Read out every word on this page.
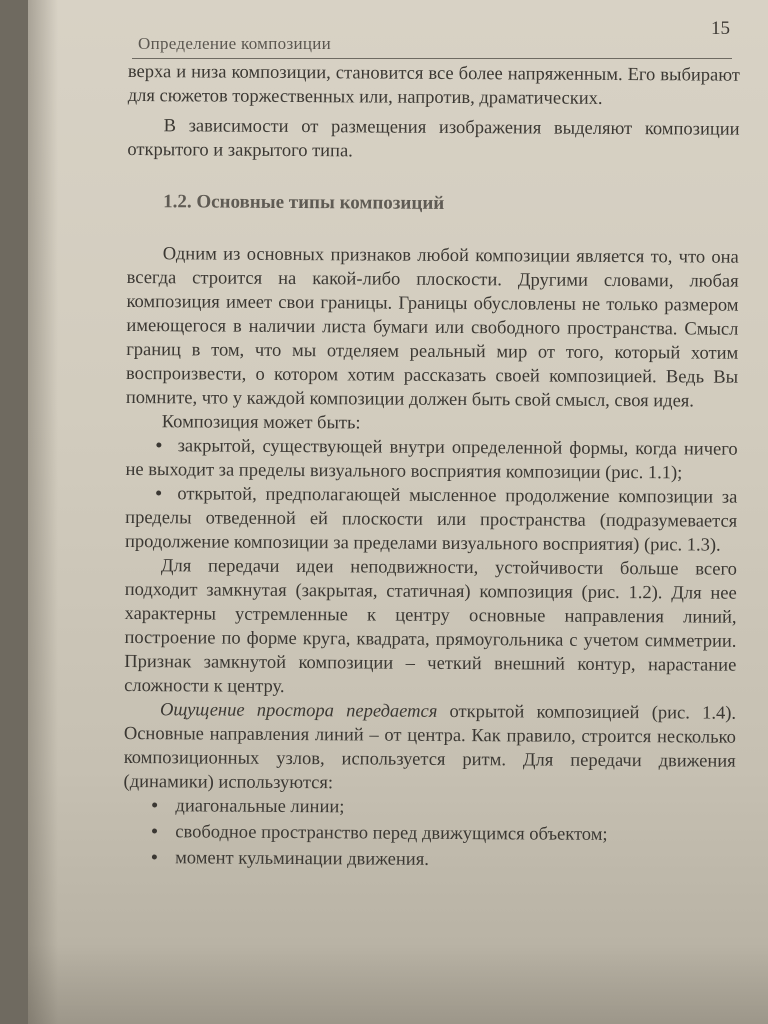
Определение композиции
15

верха и низа композиции, становится все более напряженным. Его выбирают для сюжетов торжественных или, напротив, драматических.

В зависимости от размещения изображения выделяют композиции открытого и закрытого типа.

1.2. Основные типы композиций

Одним из основных признаков любой композиции является то, что она всегда строится на какой-либо плоскости. Другими словами, любая композиция имеет свои границы. Границы обусловлены не только размером имеющегося в наличии листа бумаги или свободного пространства. Смысл границ в том, что мы отделяем реальный мир от того, который хотим воспроизвести, о котором хотим рассказать своей композицией. Ведь Вы помните, что у каждой композиции должен быть свой смысл, своя идея.

Композиция может быть:

• закрытой, существующей внутри определенной формы, когда ничего не выходит за пределы визуального восприятия композиции (рис. 1.1);

• открытой, предполагающей мысленное продолжение композиции за пределы отведенной ей плоскости или пространства (подразумевается продолжение композиции за пределами визуального восприятия) (рис. 1.3).

Для передачи идеи неподвижности, устойчивости больше всего подходит замкнутая (закрытая, статичная) композиция (рис. 1.2). Для нее характерны устремленные к центру основные направления линий, построение по форме круга, квадрата, прямоугольника с учетом симметрии. Признак замкнутой композиции – четкий внешний контур, нарастание сложности к центру.

Ощущение простора передается открытой композицией (рис. 1.4). Основные направления линий – от центра. Как правило, строится несколько композиционных узлов, используется ритм. Для передачи движения (динамики) используются:

• диагональные линии;
• свободное пространство перед движущимся объектом;
• момент кульминации движения.
